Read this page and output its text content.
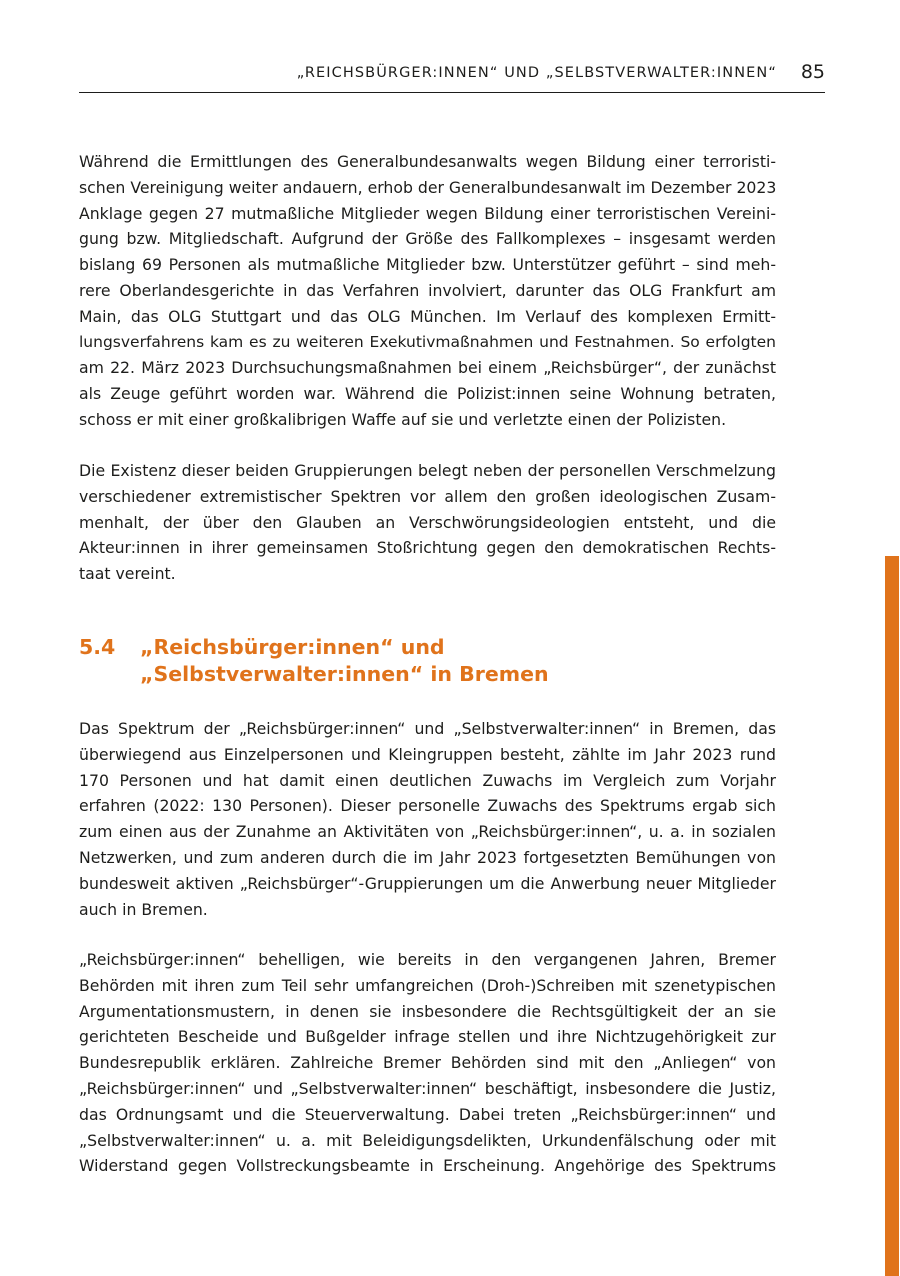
„REICHSBÜRGER:INNEN“ UND „SELBSTVERWALTER:INNEN“ 85
Während die Ermittlungen des Generalbundesanwalts wegen Bildung einer terroristi-
schen Vereinigung weiter andauern, erhob der Generalbundesanwalt im Dezember 2023
Anklage gegen 27 mutmaßliche Mitglieder wegen Bildung einer terroristischen Vereini-
gung bzw. Mitgliedschaft. Aufgrund der Größe des Fallkomplexes – insgesamt werden
bislang 69 Personen als mutmaßliche Mitglieder bzw. Unterstützer geführt – sind meh-
rere Oberlandesgerichte in das Verfahren involviert, darunter das OLG Frankfurt am
Main, das OLG Stuttgart und das OLG München. Im Verlauf des komplexen Ermitt-
lungsverfahrens kam es zu weiteren Exekutivmaßnahmen und Festnahmen. So erfolgten
am 22. März 2023 Durchsuchungsmaßnahmen bei einem „Reichsbürger“, der zunächst
als Zeuge geführt worden war. Während die Polizist:innen seine Wohnung betraten,
schoss er mit einer großkalibrigen Waffe auf sie und verletzte einen der Polizisten.
Die Existenz dieser beiden Gruppierungen belegt neben der personellen Verschmelzung
verschiedener extremistischer Spektren vor allem den großen ideologischen Zusam-
menhalt, der über den Glauben an Verschwörungsideologien entsteht, und die
Akteur:innen in ihrer gemeinsamen Stoßrichtung gegen den demokratischen Rechts-
taat vereint.
5.4 „Reichsbürger:innen“ und
„Selbstverwalter:innen“ in Bremen
Das Spektrum der „Reichsbürger:innen“ und „Selbstverwalter:innen“ in Bremen, das
überwiegend aus Einzelpersonen und Kleingruppen besteht, zählte im Jahr 2023 rund
170 Personen und hat damit einen deutlichen Zuwachs im Vergleich zum Vorjahr
erfahren (2022: 130 Personen). Dieser personelle Zuwachs des Spektrums ergab sich
zum einen aus der Zunahme an Aktivitäten von „Reichsbürger:innen“, u. a. in sozialen
Netzwerken, und zum anderen durch die im Jahr 2023 fortgesetzten Bemühungen von
bundesweit aktiven „Reichsbürger“-Gruppierungen um die Anwerbung neuer Mitglieder
auch in Bremen.
„Reichsbürger:innen“ behelligen, wie bereits in den vergangenen Jahren, Bremer
Behörden mit ihren zum Teil sehr umfangreichen (Droh-)Schreiben mit szenetypischen
Argumentationsmustern, in denen sie insbesondere die Rechtsgültigkeit der an sie
gerichteten Bescheide und Bußgelder infrage stellen und ihre Nichtzugehörigkeit zur
Bundesrepublik erklären. Zahlreiche Bremer Behörden sind mit den „Anliegen“ von
„Reichsbürger:innen“ und „Selbstverwalter:innen“ beschäftigt, insbesondere die Justiz,
das Ordnungsamt und die Steuerverwaltung. Dabei treten „Reichsbürger:innen“ und
„Selbstverwalter:innen“ u. a. mit Beleidigungsdelikten, Urkundenfälschung oder mit
Widerstand gegen Vollstreckungsbeamte in Erscheinung. Angehörige des Spektrums
